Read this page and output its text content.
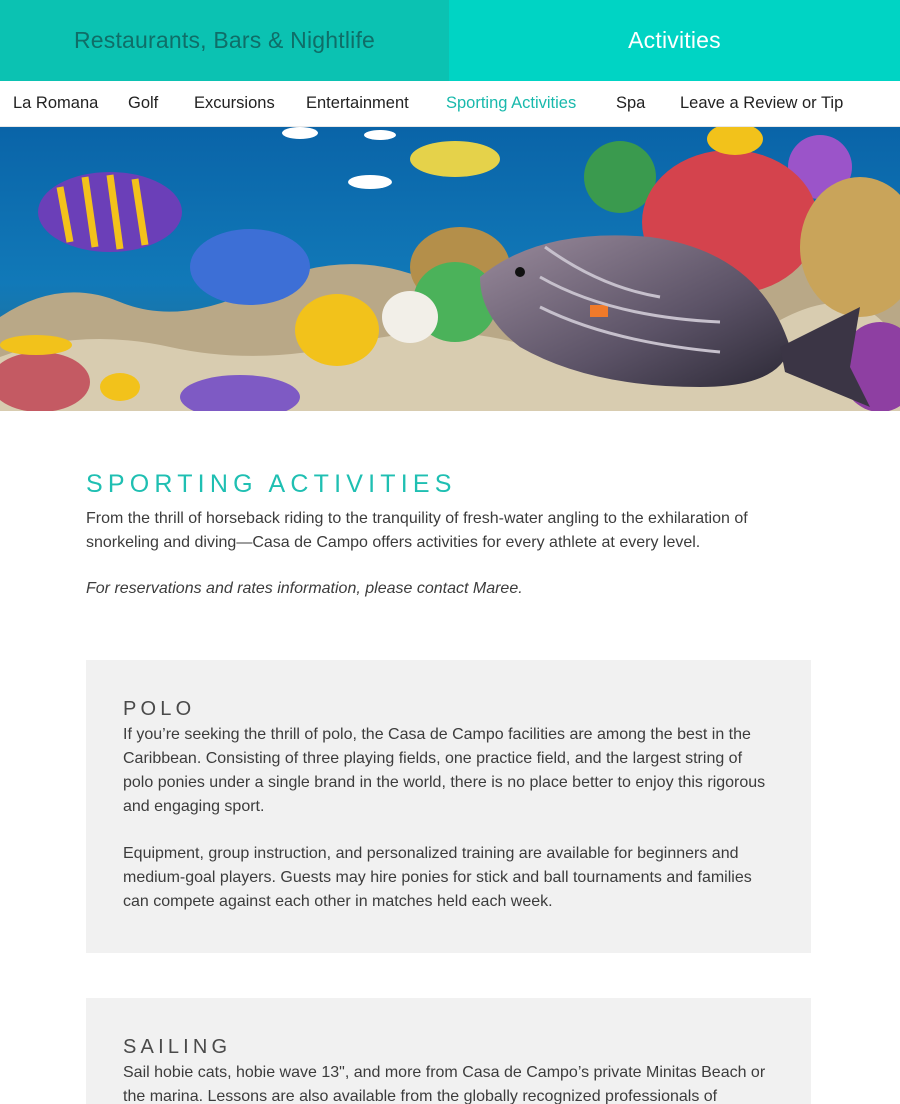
Restaurants, Bars & Nightlife	Activities
La Romana Golf Excursions Entertainment Sporting Activities Spa Leave a Review or Tip
SPORTING ACTIVITIES

From the thrill of horseback riding to the tranquility of fresh-water angling to the exhilaration of snorkeling and diving—Casa de Campo offers activities for every athlete at every level.

For reservations and rates information, please contact Maree.

POLO

If you’re seeking the thrill of polo, the Casa de Campo facilities are among the best in the Caribbean. Consisting of three playing fields, one practice field, and the largest string of polo ponies under a single brand in the world, there is no place better to enjoy this rigorous and engaging sport.

Equipment, group instruction, and personalized training are available for beginners and medium-goal players. Guests may hire ponies for stick and ball tournaments and families can compete against each other in matches held each week.

SAILING

Sail hobie cats, hobie wave 13", and more from Casa de Campo’s private Minitas Beach or the marina. Lessons are also available from the globally recognized professionals of
